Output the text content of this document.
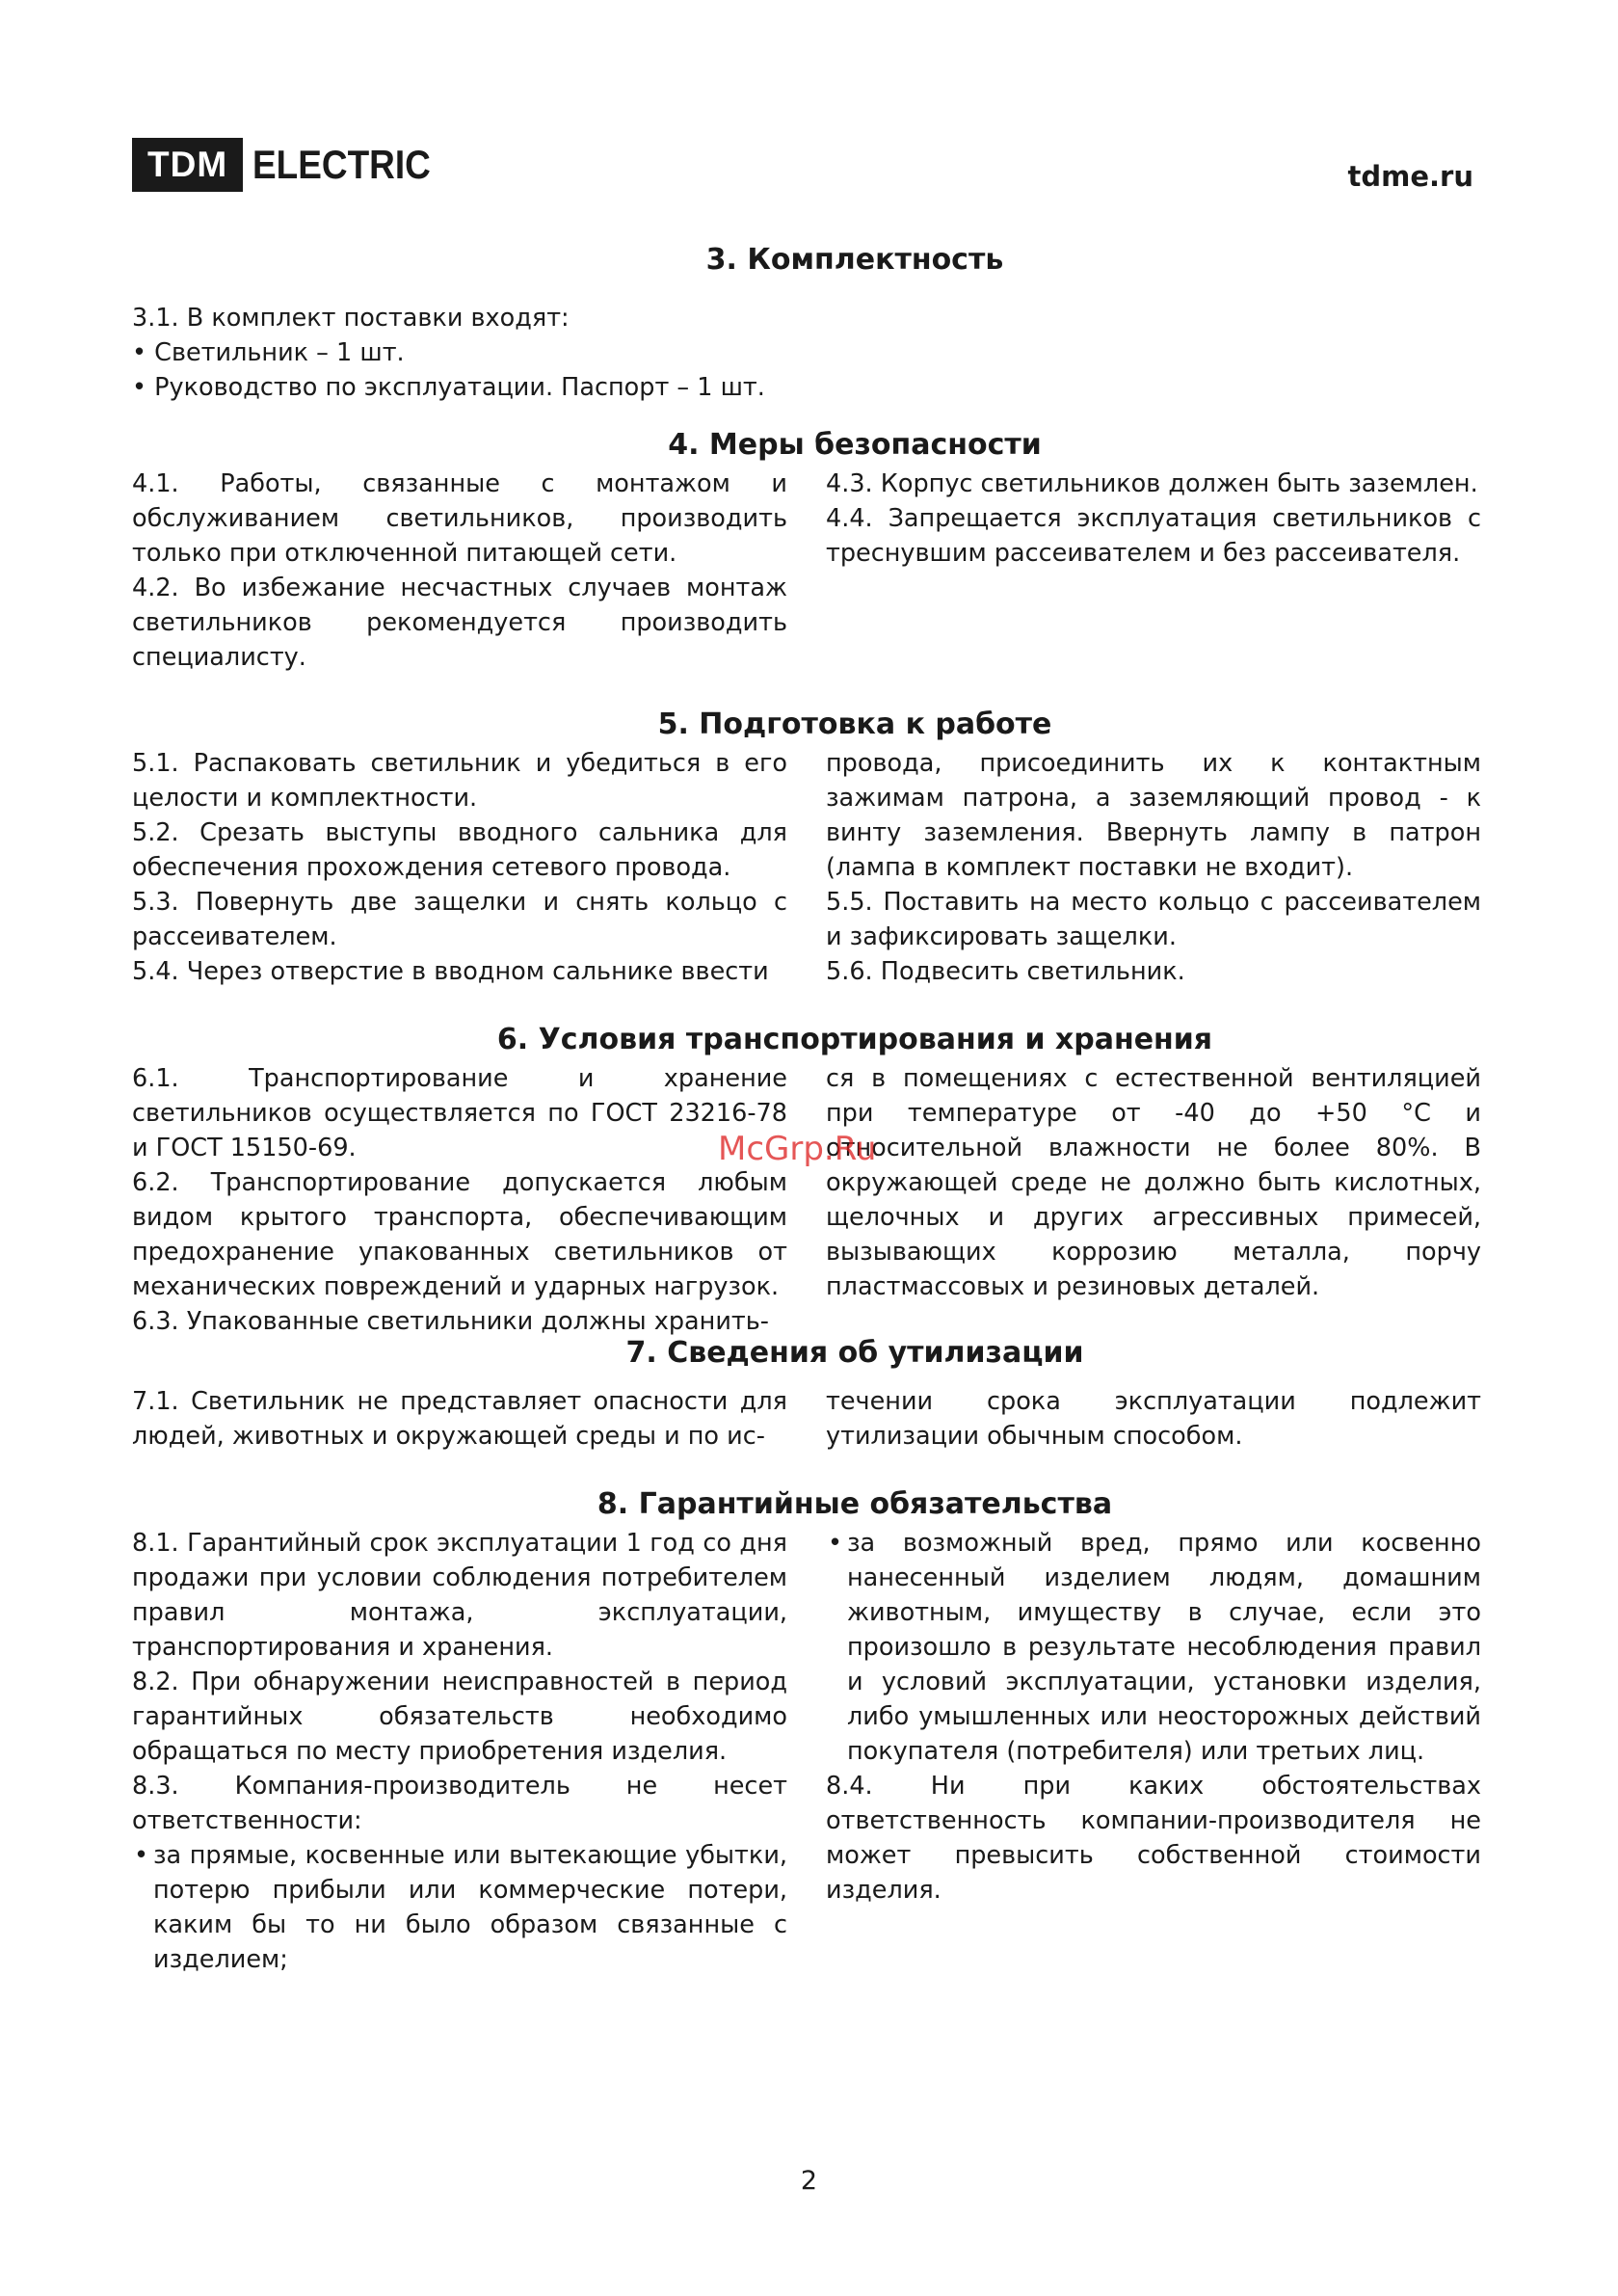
TDM ELECTRIC	tdme.ru
3. Комплектность

3.1. В комплект поставки входят:

• Светильник – 1 шт.

• Руководство по эксплуатации. Паспорт – 1 шт.

4. Меры безопасности

4.1. Работы, связанные с монтажом и обслуживанием светильников, производить только при отключенной питающей сети.

4.2. Во избежание несчастных случаев монтаж светильников рекомендуется производить специалисту.

4.3. Корпус светильников должен быть заземлен.

4.4. Запрещается эксплуатация светильников с треснувшим рассеивателем и без рассеивателя.

5. Подготовка к работе

5.1. Распаковать светильник и убедиться в его целости и комплектности.

5.2. Срезать выступы вводного сальника для обеспечения прохождения сетевого провода.

5.3. Повернуть две защелки и снять кольцо с рассеивателем.

5.4. Через отверстие в вводном сальнике ввести

провода, присоединить их к контактным зажимам патрона, а заземляющий провод - к винту заземления. Ввернуть лампу в патрон (лампа в комплект поставки не входит).

5.5. Поставить на место кольцо с рассеивателем и зафиксировать защелки.

5.6. Подвесить светильник.

6. Условия транспортирования и хранения

6.1. Транспортирование и хранение светильников осуществляется по ГОСТ 23216-78 и ГОСТ 15150-69.

6.2. Транспортирование допускается любым видом крытого транспорта, обеспечивающим предохранение упакованных светильников от механических повреждений и ударных нагрузок.

6.3. Упакованные светильники должны хранить-

ся в помещениях с естественной вентиляцией при температуре от -40 до +50 °С и относительной влажности не более 80%. В окружающей среде не должно быть кислотных, щелочных и других агрессивных примесей, вызывающих коррозию металла, порчу пластмассовых и резиновых деталей.

7. Сведения об утилизации

7.1. Светильник не представляет опасности для людей, животных и окружающей среды и по ис-

течении срока эксплуатации подлежит утилизации обычным способом.

8. Гарантийные обязательства

8.1. Гарантийный срок эксплуатации 1 год со дня продажи при условии соблюдения потребителем правил монтажа, эксплуатации, транспортирования и хранения.

8.2. При обнаружении неисправностей в период гарантийных обязательств необходимо обращаться по месту приобретения изделия.

8.3. Компания-производитель не несет ответственности:

• за прямые, косвенные или вытекающие убытки, потерю прибыли или коммерческие потери, каким бы то ни было образом связанные с изделием;

• за возможный вред, прямо или косвенно нанесенный изделием людям, домашним животным, имуществу в случае, если это произошло в результате несоблюдения правил и условий эксплуатации, установки изделия, либо умышленных или неосторожных действий покупателя (потребителя) или третьих лиц.

8.4. Ни при каких обстоятельствах ответственность компании-производителя не может превысить собственной стоимости изделия.

McGrp.Ru
2
